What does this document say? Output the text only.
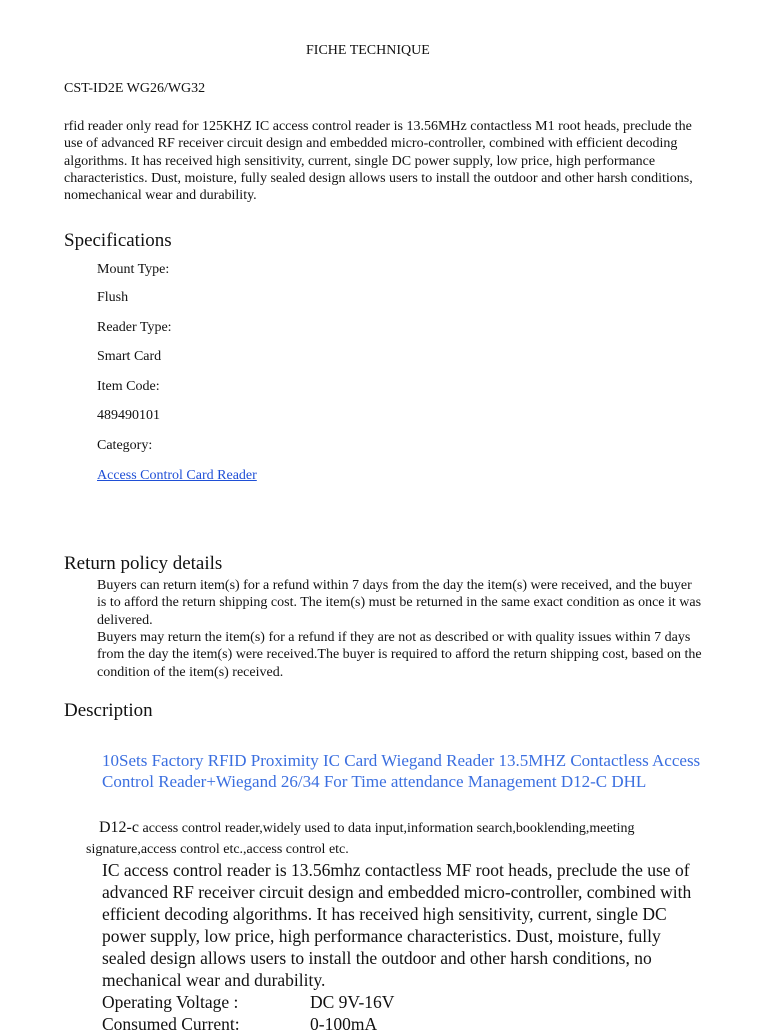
FICHE TECHNIQUE
CST-ID2E WG26/WG32
rfid reader only read for 125KHZ IC access control reader is 13.56MHz contactless M1 root heads, preclude the use of advanced RF receiver circuit design and embedded micro-controller, combined with efficient decoding algorithms. It has received high sensitivity, current, single DC power supply, low price, high performance characteristics. Dust, moisture, fully sealed design allows users to install the outdoor and other harsh conditions, nomechanical wear and durability.
Specifications
Mount Type:
Flush
Reader Type:
Smart Card
Item Code:
489490101
Category:
Access Control Card Reader
Return policy details
Buyers can return item(s) for a refund within 7 days from the day the item(s) were received, and the buyer is to afford the return shipping cost. The item(s) must be returned in the same exact condition as once it was delivered.
Buyers may return the item(s) for a refund if they are not as described or with quality issues within 7 days from the day the item(s) were received.The buyer is required to afford the return shipping cost, based on the condition of the item(s) received.
Description
10Sets Factory RFID Proximity IC Card Wiegand Reader 13.5MHZ Contactless Access Control Reader+Wiegand 26/34 For Time attendance Management D12-C DHL
D12-c access control reader,widely used to data input,information search,booklending,meeting signature,access control etc.,access control etc.
IC access control reader is 13.56mhz contactless MF root heads, preclude the use of advanced RF receiver circuit design and embedded micro-controller, combined with efficient decoding algorithms. It has received high sensitivity, current, single DC power supply, low price, high performance characteristics. Dust, moisture, fully sealed design allows users to install the outdoor and other harsh conditions, no mechanical wear and durability.
Operating Voltage :	DC 9V-16V
Consumed Current:	0-100mA
